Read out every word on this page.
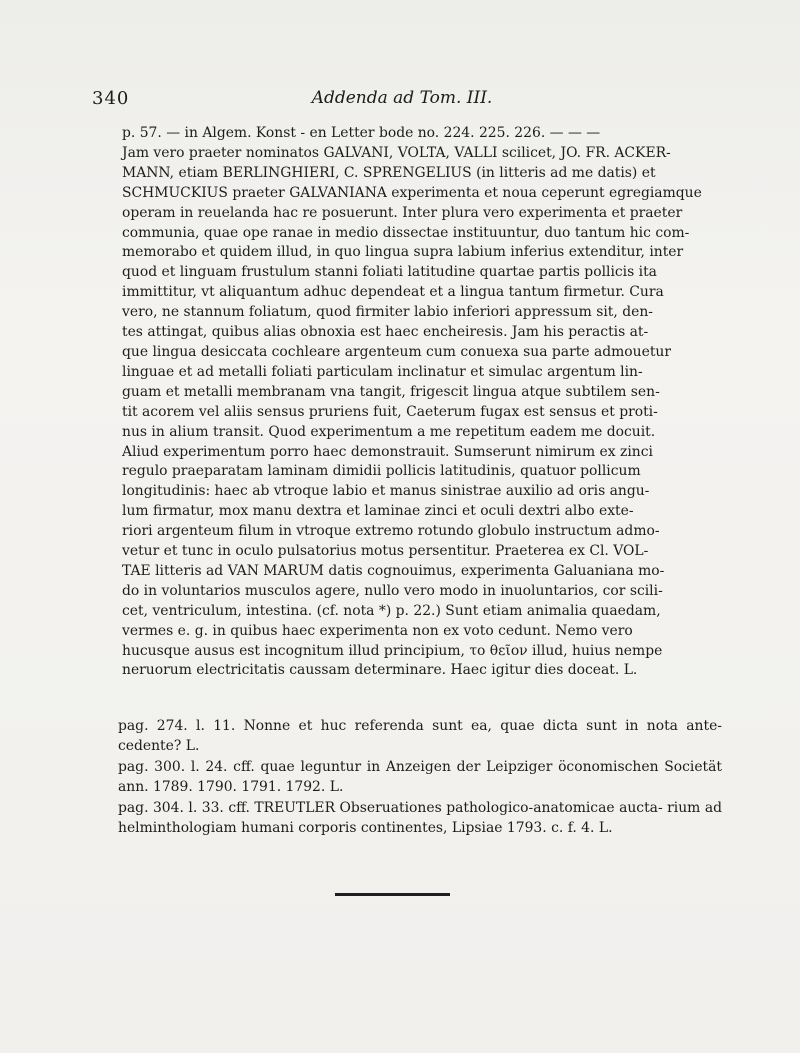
340	Addenda ad Tom. III.

p. 57. — in Algem. Konst - en Letter bode no. 224. 225. 226. — — —

Jam vero praeter nominatos GALVANI, VOLTA, VALLI scilicet, JO. FR. ACKER-

MANN, etiam BERLINGHIERI, C. SPRENGELIUS (in litteris ad me datis) et

SCHMUCKIUS praeter GALVANIANA experimenta et noua ceperunt egregiamque

operam in reuelanda hac re posuerunt. Inter plura vero experimenta et praeter

communia, quae ope ranae in medio dissectae instituuntur, duo tantum hic com-

memorabo et quidem illud, in quo lingua supra labium inferius extenditur, inter

quod et linguam frustulum stanni foliati latitudine quartae partis pollicis ita

immittitur, vt aliquantum adhuc dependeat et a lingua tantum firmetur. Cura

vero, ne stannum foliatum, quod firmiter labio inferiori appressum sit, den-

tes attingat, quibus alias obnoxia est haec encheiresis. Jam his peractis at-

que lingua desiccata cochleare argenteum cum conuexa sua parte admouetur

linguae et ad metalli foliati particulam inclinatur et simulac argentum lin-

guam et metalli membranam vna tangit, frigescit lingua atque subtilem sen-

tit acorem vel aliis sensus pruriens fuit, Caeterum fugax est sensus et proti-

nus in alium transit. Quod experimentum a me repetitum eadem me docuit.

Aliud experimentum porro haec demonstrauit. Sumserunt nimirum ex zinci

regulo praeparatam laminam dimidii pollicis latitudinis, quatuor pollicum

longitudinis: haec ab vtroque labio et manus sinistrae auxilio ad oris angu-

lum firmatur, mox manu dextra et laminae zinci et oculi dextri albo exte-

riori argenteum filum in vtroque extremo rotundo globulo instructum admo-

vetur et tunc in oculo pulsatorius motus persentitur. Praeterea ex Cl. VOL-

TAE litteris ad VAN MARUM datis cognouimus, experimenta Galuaniana mo-

do in voluntarios musculos agere, nullo vero modo in inuoluntarios, cor scili-

cet, ventriculum, intestina. (cf. nota *) p. 22.) Sunt etiam animalia quaedam,

vermes e. g. in quibus haec experimenta non ex voto cedunt. Nemo vero

hucusque ausus est incognitum illud principium, το θεῖον illud, huius nempe

neruorum electricitatis caussam determinare. Haec igitur dies doceat. L.

pag. 274. l. 11. Nonne et huc referenda sunt ea, quae dicta sunt in nota ante- cedente? L.
pag. 300. l. 24. cff. quae leguntur in Anzeigen der Leipziger öconomischen Societät ann. 1789. 1790. 1791. 1792. L.
pag. 304. l. 33. cff. TREUTLER Obseruationes pathologico-anatomicae aucta- rium ad helminthologiam humani corporis continentes, Lipsiae 1793. c. f. 4. L.
